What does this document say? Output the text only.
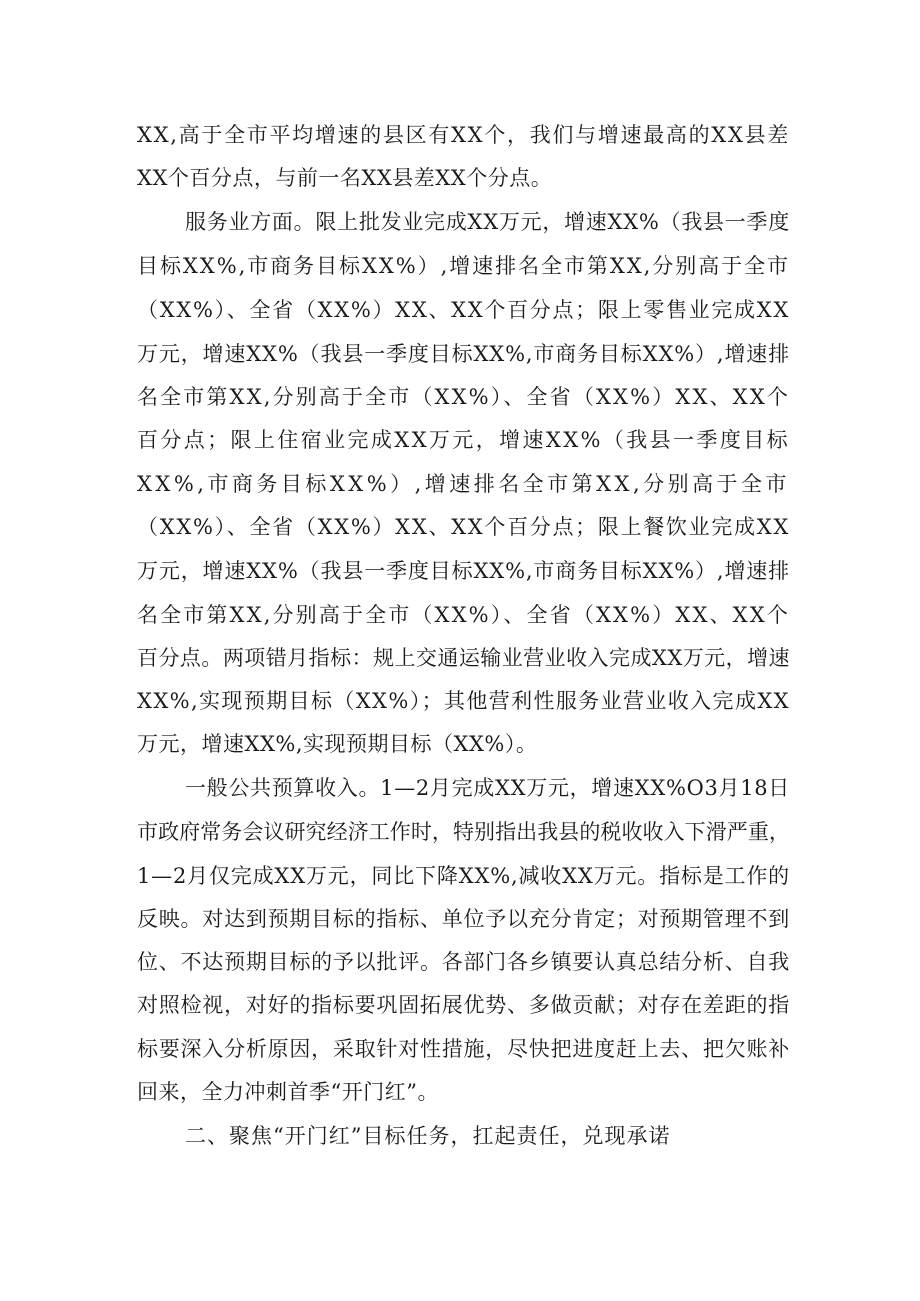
XX,高于全市平均增速的县区有XX个，我们与增速最高的XX县差
XX个百分点，与前一名XX县差XX个分点。
服务业方面。限上批发业完成XX万元，增速XX%（我县一季度
目标XX%,市商务目标XX%）,增速排名全市第XX,分别高于全市
（XX%）、全省（XX%）XX、XX个百分点；限上零售业完成XX
万元，增速XX%（我县一季度目标XX%,市商务目标XX%）,增速排
名全市第XX,分别高于全市（XX%）、全省（XX%）XX、XX个
百分点；限上住宿业完成XX万元，增速XX%（我县一季度目标
XX%,市商务目标XX%）,增速排名全市第XX,分别高于全市
（XX%）、全省（XX%）XX、XX个百分点；限上餐饮业完成XX
万元，增速XX%（我县一季度目标XX%,市商务目标XX%）,增速排
名全市第XX,分别高于全市（XX%）、全省（XX%）XX、XX个
百分点。两项错月指标：规上交通运输业营业收入完成XX万元，增速
XX%,实现预期目标（XX%）；其他营利性服务业营业收入完成XX
万元，增速XX%,实现预期目标（XX%）。
一般公共预算收入。1—2月完成XX万元，增速XX%O3月18日
市政府常务会议研究经济工作时，特别指出我县的税收收入下滑严重，
1—2月仅完成XX万元，同比下降XX%,减收XX万元。指标是工作的
反映。对达到预期目标的指标、单位予以充分肯定；对预期管理不到
位、不达预期目标的予以批评。各部门各乡镇要认真总结分析、自我
对照检视，对好的指标要巩固拓展优势、多做贡献；对存在差距的指
标要深入分析原因，采取针对性措施，尽快把进度赶上去、把欠账补
回来，全力冲刺首季“开门红”。
二、聚焦“开门红”目标任务，扛起责任，兑现承诺
